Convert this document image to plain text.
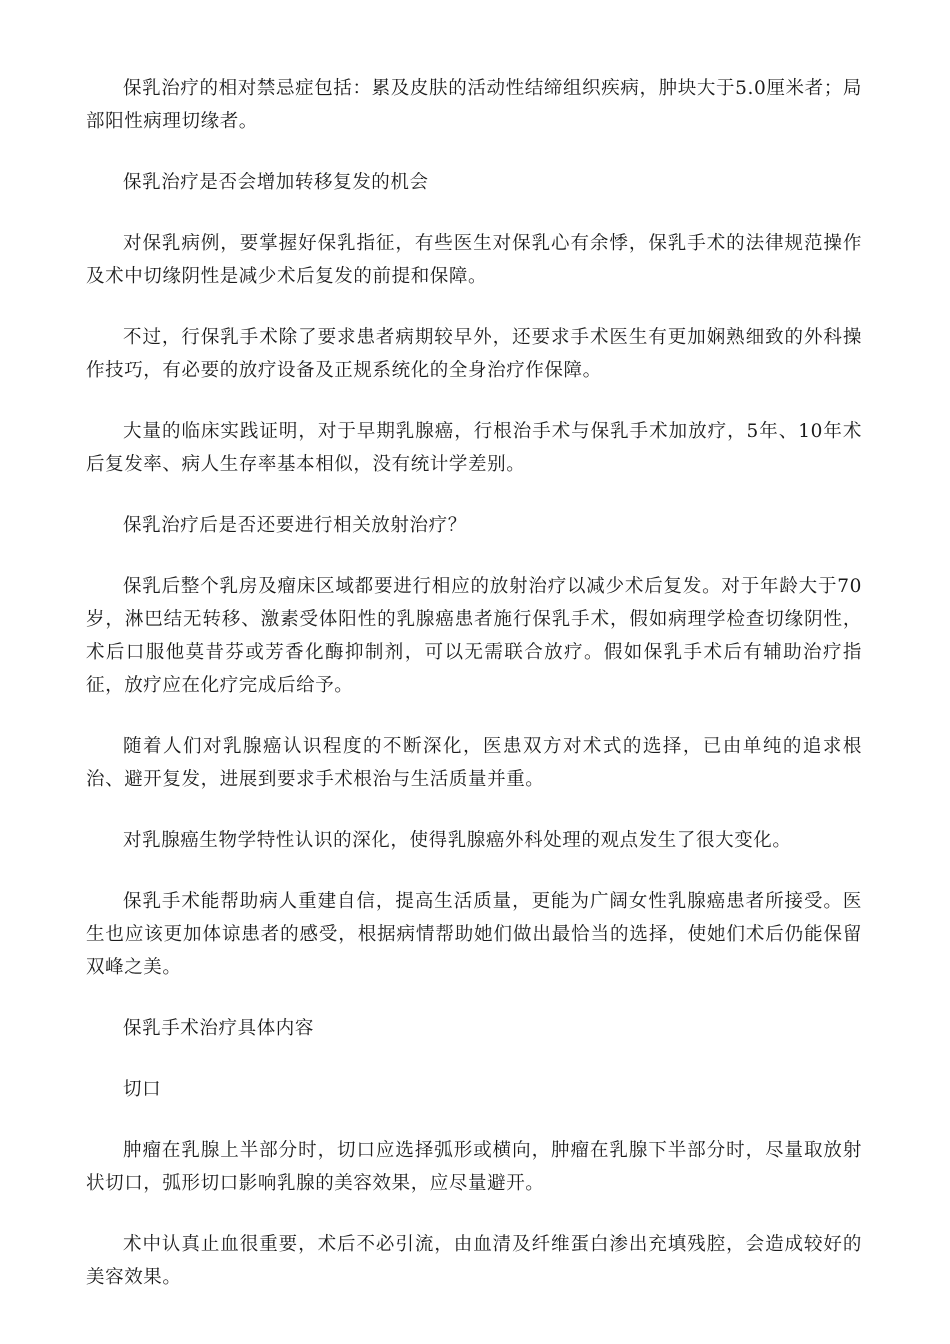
保乳治疗的相对禁忌症包括：累及皮肤的活动性结缔组织疾病，肿块大于5.0厘米者；局部阳性病理切缘者。

保乳治疗是否会增加转移复发的机会

对保乳病例，要掌握好保乳指征，有些医生对保乳心有余悸，保乳手术的法律规范操作及术中切缘阴性是减少术后复发的前提和保障。

不过，行保乳手术除了要求患者病期较早外，还要求手术医生有更加娴熟细致的外科操作技巧，有必要的放疗设备及正规系统化的全身治疗作保障。

大量的临床实践证明，对于早期乳腺癌，行根治手术与保乳手术加放疗，5年、10年术后复发率、病人生存率基本相似，没有统计学差别。

保乳治疗后是否还要进行相关放射治疗？

保乳后整个乳房及瘤床区域都要进行相应的放射治疗以减少术后复发。对于年龄大于70岁，淋巴结无转移、激素受体阳性的乳腺癌患者施行保乳手术，假如病理学检查切缘阴性，术后口服他莫昔芬或芳香化酶抑制剂，可以无需联合放疗。假如保乳手术后有辅助治疗指征，放疗应在化疗完成后给予。

随着人们对乳腺癌认识程度的不断深化，医患双方对术式的选择，已由单纯的追求根治、避开复发，进展到要求手术根治与生活质量并重。

对乳腺癌生物学特性认识的深化，使得乳腺癌外科处理的观点发生了很大变化。

保乳手术能帮助病人重建自信，提高生活质量，更能为广阔女性乳腺癌患者所接受。医生也应该更加体谅患者的感受，根据病情帮助她们做出最恰当的选择，使她们术后仍能保留双峰之美。

保乳手术治疗具体内容

切口

肿瘤在乳腺上半部分时，切口应选择弧形或横向，肿瘤在乳腺下半部分时，尽量取放射状切口，弧形切口影响乳腺的美容效果，应尽量避开。

术中认真止血很重要，术后不必引流，由血清及纤维蛋白渗出充填残腔，会造成较好的美容效果。
